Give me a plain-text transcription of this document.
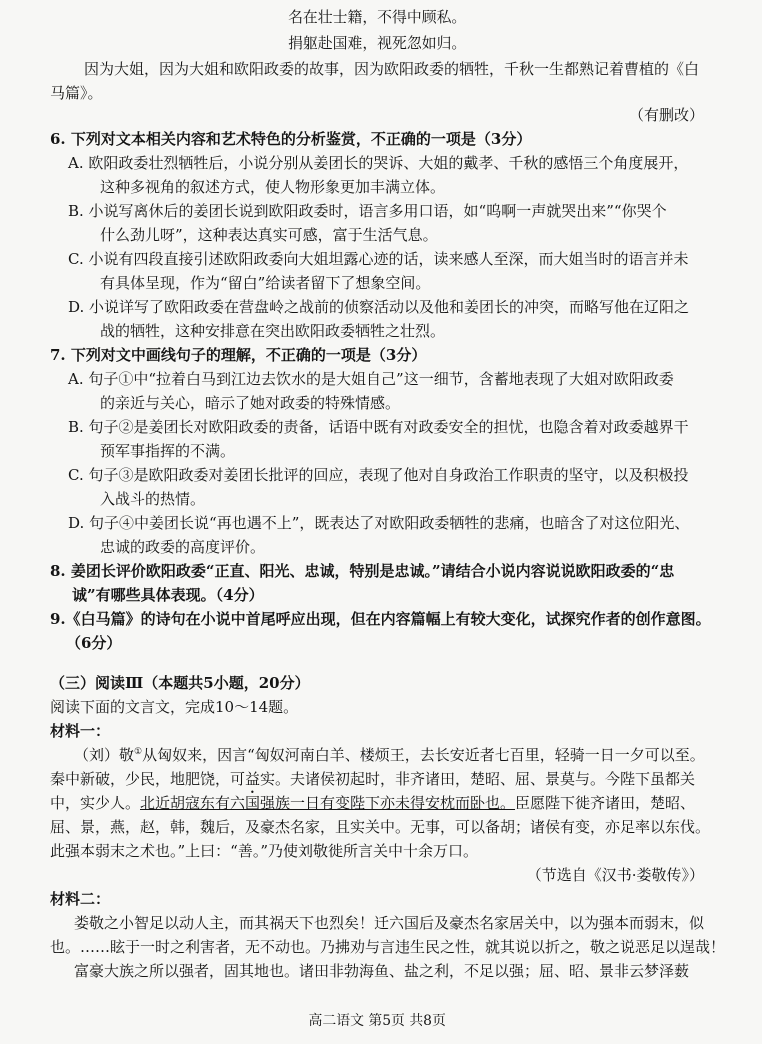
名在壮士籍，不得中顾私。
捐躯赴国难，视死忽如归。
因为大姐，因为大姐和欧阳政委的故事，因为欧阳政委的牺牲，千秋一生都熟记着曹植的《白
马篇》。
（有删改）
6. 下列对文本相关内容和艺术特色的分析鉴赏，不正确的一项是（3分）
A. 欧阳政委壮烈牺牲后，小说分别从姜团长的哭诉、大姐的戴孝、千秋的感悟三个角度展开，
这种多视角的叙述方式，使人物形象更加丰满立体。
B. 小说写离休后的姜团长说到欧阳政委时，语言多用口语，如“呜啊一声就哭出来”“你哭个
什么劲儿呀”，这种表达真实可感，富于生活气息。
C. 小说有四段直接引述欧阳政委向大姐坦露心迹的话，读来感人至深，而大姐当时的语言并未
有具体呈现，作为“留白”给读者留下了想象空间。
D. 小说详写了欧阳政委在营盘岭之战前的侦察活动以及他和姜团长的冲突，而略写他在辽阳之
战的牺牲，这种安排意在突出欧阳政委牺牲之壮烈。
7. 下列对文中画线句子的理解，不正确的一项是（3分）
A. 句子①中“拉着白马到江边去饮水的是大姐自己”这一细节，含蓄地表现了大姐对欧阳政委
的亲近与关心，暗示了她对政委的特殊情感。
B. 句子②是姜团长对欧阳政委的责备，话语中既有对政委安全的担忧，也隐含着对政委越界干
预军事指挥的不满。
C. 句子③是欧阳政委对姜团长批评的回应，表现了他对自身政治工作职责的坚守，以及积极投
入战斗的热情。
D. 句子④中姜团长说“再也遇不上”，既表达了对欧阳政委牺牲的悲痛，也暗含了对这位阳光、
忠诚的政委的高度评价。
8. 姜团长评价欧阳政委“正直、阳光、忠诚，特别是忠诚。”请结合小说内容说说欧阳政委的“忠
诚”有哪些具体表现。（4分）
9.《白马篇》的诗句在小说中首尾呼应出现，但在内容篇幅上有较大变化，试探究作者的创作意图。
（6分）
（三）阅读Ⅲ（本题共5小题，20分）
阅读下面的文言文，完成10～14题。
材料一：
（刘）敬①从匈奴来，因言“匈奴河南白羊、楼烦王，去长安近者七百里，轻骑一日一夕可以至。
秦中新破，少民，地肥饶，可益实。夫诸侯初起时，非齐诸田，楚昭、屈、景莫与。今陛下虽都关
中，实少人。北近胡寇东有六国强族一日有变陛下亦未得安枕而卧也。臣愿陛下徙齐诸田，楚昭、
屈、景，燕，赵，韩，魏后，及豪杰名家，且实关中。无事，可以备胡；诸侯有变，亦足率以东伐。
此强本弱末之术也。”上曰：“善。”乃使刘敬徙所言关中十余万口。
（节选自《汉书·娄敬传》）
材料二：
娄敬之小智足以动人主，而其祸天下也烈矣！迁六国后及豪杰名家居关中，以为强本而弱末，似
也。……眩于一时之利害者，无不动也。乃拂劝与言违生民之性，就其说以折之，敬之说恶足以逞哉！
富豪大族之所以强者，固其地也。诸田非勃海鱼、盐之利，不足以强；屈、昭、景非云梦泽薮
高二语文 第5页 共8页
